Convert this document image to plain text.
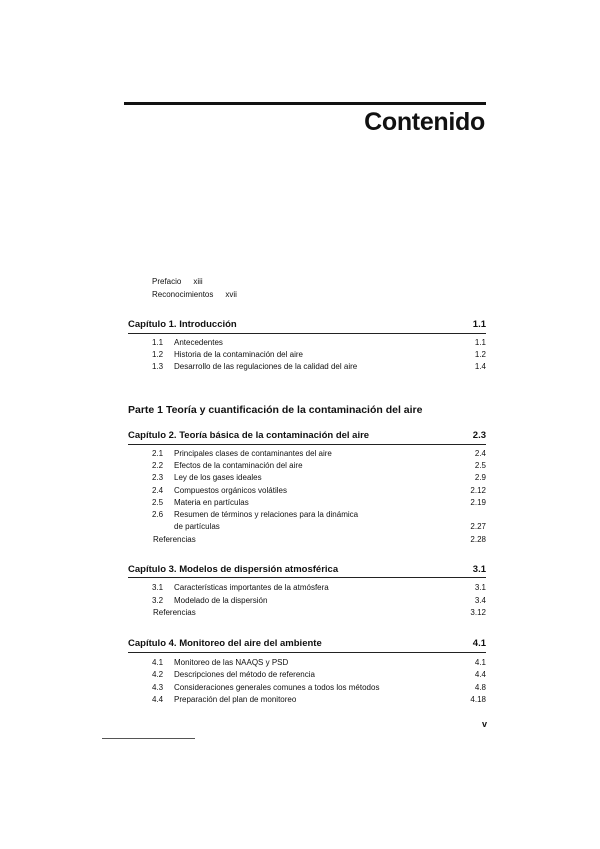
Contenido
Prefacio xiii
Reconocimientos xvii
Capítulo 1. Introducción	1.1
1.1	Antecedentes	1.1
1.2	Historia de la contaminación del aire	1.2
1.3	Desarrollo de las regulaciones de la calidad del aire	1.4
Parte 1 Teoría y cuantificación de la contaminación del aire
Capítulo 2. Teoría básica de la contaminación del aire	2.3
2.1	Principales clases de contaminantes del aire	2.4
2.2	Efectos de la contaminación del aire	2.5
2.3	Ley de los gases ideales	2.9
2.4	Compuestos orgánicos volátiles	2.12
2.5	Materia en partículas	2.19
2.6	Resumen de términos y relaciones para la dinámica
de partículas	2.27
Referencias	2.28
Capítulo 3. Modelos de dispersión atmosférica	3.1
3.1	Características importantes de la atmósfera	3.1
3.2	Modelado de la dispersión	3.4
Referencias	3.12
Capítulo 4. Monitoreo del aire del ambiente	4.1
4.1	Monitoreo de las NAAQS y PSD	4.1
4.2	Descripciones del método de referencia	4.4
4.3	Consideraciones generales comunes a todos los métodos	4.8
4.4	Preparación del plan de monitoreo	4.18
v
